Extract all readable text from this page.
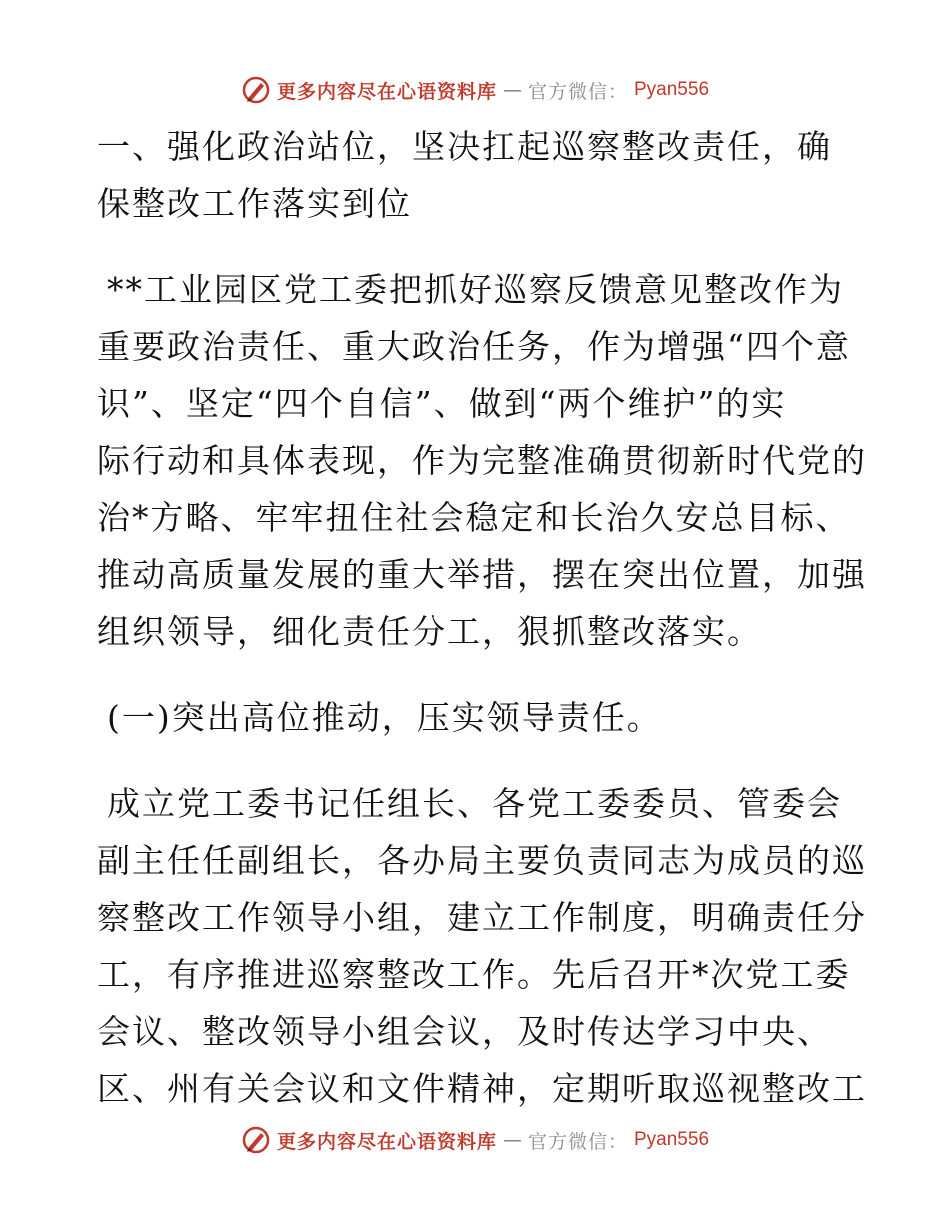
更多内容尽在心语资料库 — 官方微信： Pyan556
一、强化政治站位，坚决扛起巡察整改责任，确
保整改工作落实到位
**工业园区党工委把抓好巡察反馈意见整改作为
重要政治责任、重大政治任务，作为增强“四个意
识”、坚定“四个自信”、做到“两个维护”的实
际行动和具体表现，作为完整准确贯彻新时代党的
治*方略、牢牢扭住社会稳定和长治久安总目标、
推动高质量发展的重大举措，摆在突出位置，加强
组织领导，细化责任分工，狠抓整改落实。
(一)突出高位推动，压实领导责任。
成立党工委书记任组长、各党工委委员、管委会
副主任任副组长，各办局主要负责同志为成员的巡
察整改工作领导小组，建立工作制度，明确责任分
工，有序推进巡察整改工作。先后召开*次党工委
会议、整改领导小组会议，及时传达学习中央、
区、州有关会议和文件精神，定期听取巡视整改工
更多内容尽在心语资料库 — 官方微信： Pyan556
